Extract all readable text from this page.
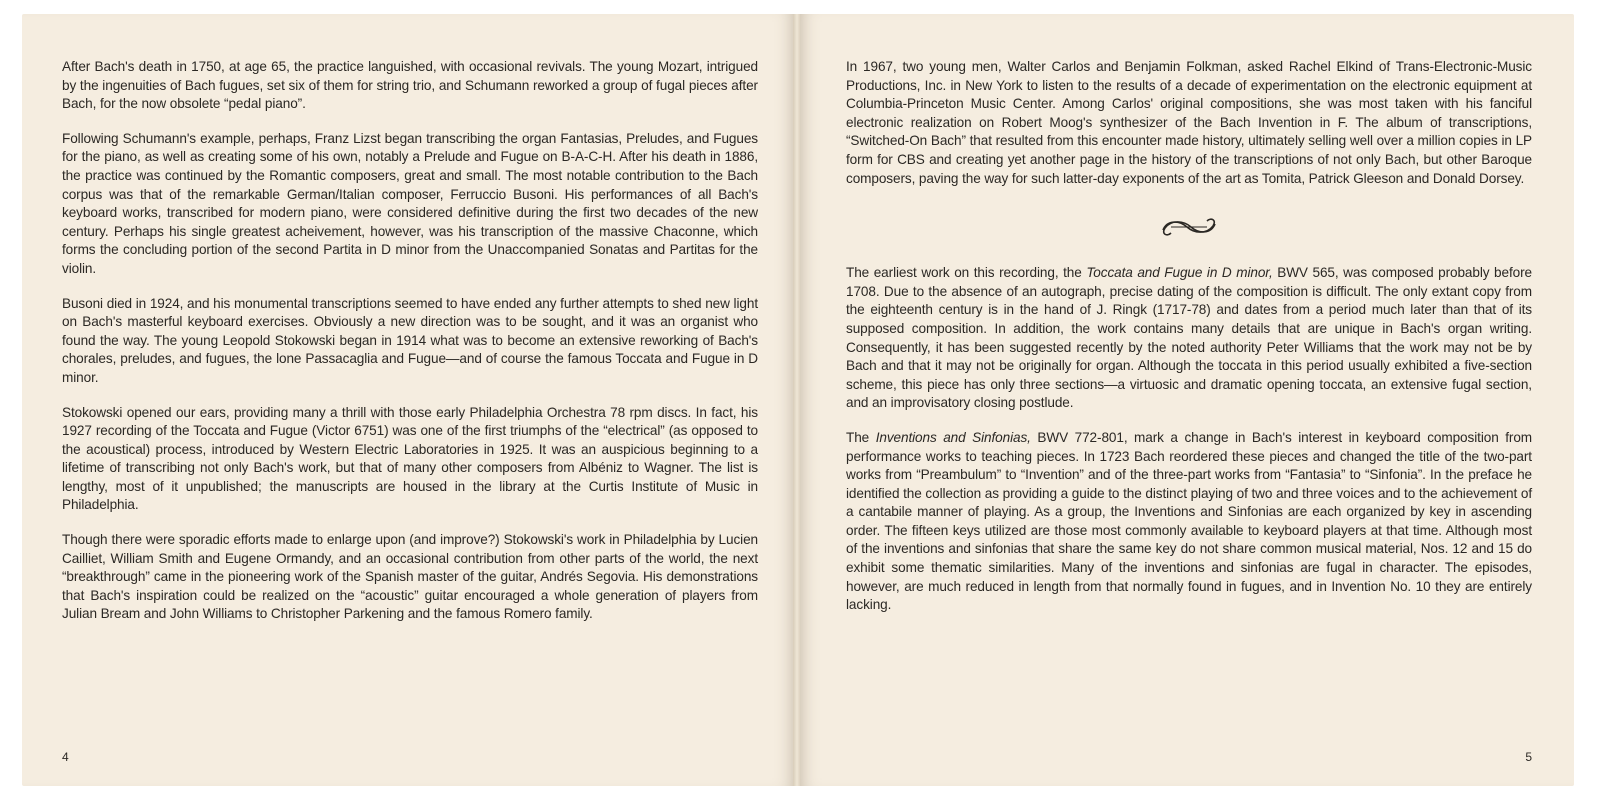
After Bach's death in 1750, at age 65, the practice languished, with occasional revivals. The young Mozart, intrigued by the ingenuities of Bach fugues, set six of them for string trio, and Schumann reworked a group of fugal pieces after Bach, for the now obsolete “pedal piano”.

Following Schumann's example, perhaps, Franz Lizst began transcribing the organ Fantasias, Preludes, and Fugues for the piano, as well as creating some of his own, notably a Prelude and Fugue on B-A-C-H. After his death in 1886, the practice was continued by the Romantic composers, great and small. The most notable contribution to the Bach corpus was that of the remarkable German/Italian composer, Ferruccio Busoni. His performances of all Bach's keyboard works, transcribed for modern piano, were considered definitive during the first two decades of the new century. Perhaps his single greatest acheivement, however, was his transcription of the massive Chaconne, which forms the concluding portion of the second Partita in D minor from the Unaccompanied Sonatas and Partitas for the violin.

Busoni died in 1924, and his monumental transcriptions seemed to have ended any further attempts to shed new light on Bach's masterful keyboard exercises. Obviously a new direction was to be sought, and it was an organist who found the way. The young Leopold Stokowski began in 1914 what was to become an extensive reworking of Bach's chorales, preludes, and fugues, the lone Passacaglia and Fugue—and of course the famous Toccata and Fugue in D minor.

Stokowski opened our ears, providing many a thrill with those early Philadelphia Orchestra 78 rpm discs. In fact, his 1927 recording of the Toccata and Fugue (Victor 6751) was one of the first triumphs of the “electrical” (as opposed to the acoustical) process, introduced by Western Electric Laboratories in 1925. It was an auspicious beginning to a lifetime of transcribing not only Bach's work, but that of many other composers from Albéniz to Wagner. The list is lengthy, most of it unpublished; the manuscripts are housed in the library at the Curtis Institute of Music in Philadelphia.

Though there were sporadic efforts made to enlarge upon (and improve?) Stokowski's work in Philadelphia by Lucien Cailliet, William Smith and Eugene Ormandy, and an occasional contribution from other parts of the world, the next “breakthrough” came in the pioneering work of the Spanish master of the guitar, Andrés Segovia. His demonstrations that Bach's inspiration could be realized on the “acoustic” guitar encouraged a whole generation of players from Julian Bream and John Williams to Christopher Parkening and the famous Romero family.

4

In 1967, two young men, Walter Carlos and Benjamin Folkman, asked Rachel Elkind of Trans-Electronic-Music Productions, Inc. in New York to listen to the results of a decade of experimentation on the electronic equipment at Columbia-Princeton Music Center. Among Carlos' original compositions, she was most taken with his fanciful electronic realization on Robert Moog's synthesizer of the Bach Invention in F. The album of transcriptions, “Switched-On Bach” that resulted from this encounter made history, ultimately selling well over a million copies in LP form for CBS and creating yet another page in the history of the transcriptions of not only Bach, but other Baroque composers, paving the way for such latter-day exponents of the art as Tomita, Patrick Gleeson and Donald Dorsey.

The earliest work on this recording, the Toccata and Fugue in D minor, BWV 565, was composed probably before 1708. Due to the absence of an autograph, precise dating of the composition is difficult. The only extant copy from the eighteenth century is in the hand of J. Ringk (1717-78) and dates from a period much later than that of its supposed composition. In addition, the work contains many details that are unique in Bach's organ writing. Consequently, it has been suggested recently by the noted authority Peter Williams that the work may not be by Bach and that it may not be originally for organ. Although the toccata in this period usually exhibited a five-section scheme, this piece has only three sections—a virtuosic and dramatic opening toccata, an extensive fugal section, and an improvisatory closing postlude.

The Inventions and Sinfonias, BWV 772-801, mark a change in Bach's interest in keyboard composition from performance works to teaching pieces. In 1723 Bach reordered these pieces and changed the title of the two-part works from “Preambulum” to “Invention” and of the three-part works from “Fantasia” to “Sinfonia”. In the preface he identified the collection as providing a guide to the distinct playing of two and three voices and to the achievement of a cantabile manner of playing. As a group, the Inventions and Sinfonias are each organized by key in ascending order. The fifteen keys utilized are those most commonly available to keyboard players at that time. Although most of the inventions and sinfonias that share the same key do not share common musical material, Nos. 12 and 15 do exhibit some thematic similarities. Many of the inventions and sinfonias are fugal in character. The episodes, however, are much reduced in length from that normally found in fugues, and in Invention No. 10 they are entirely lacking.

5
